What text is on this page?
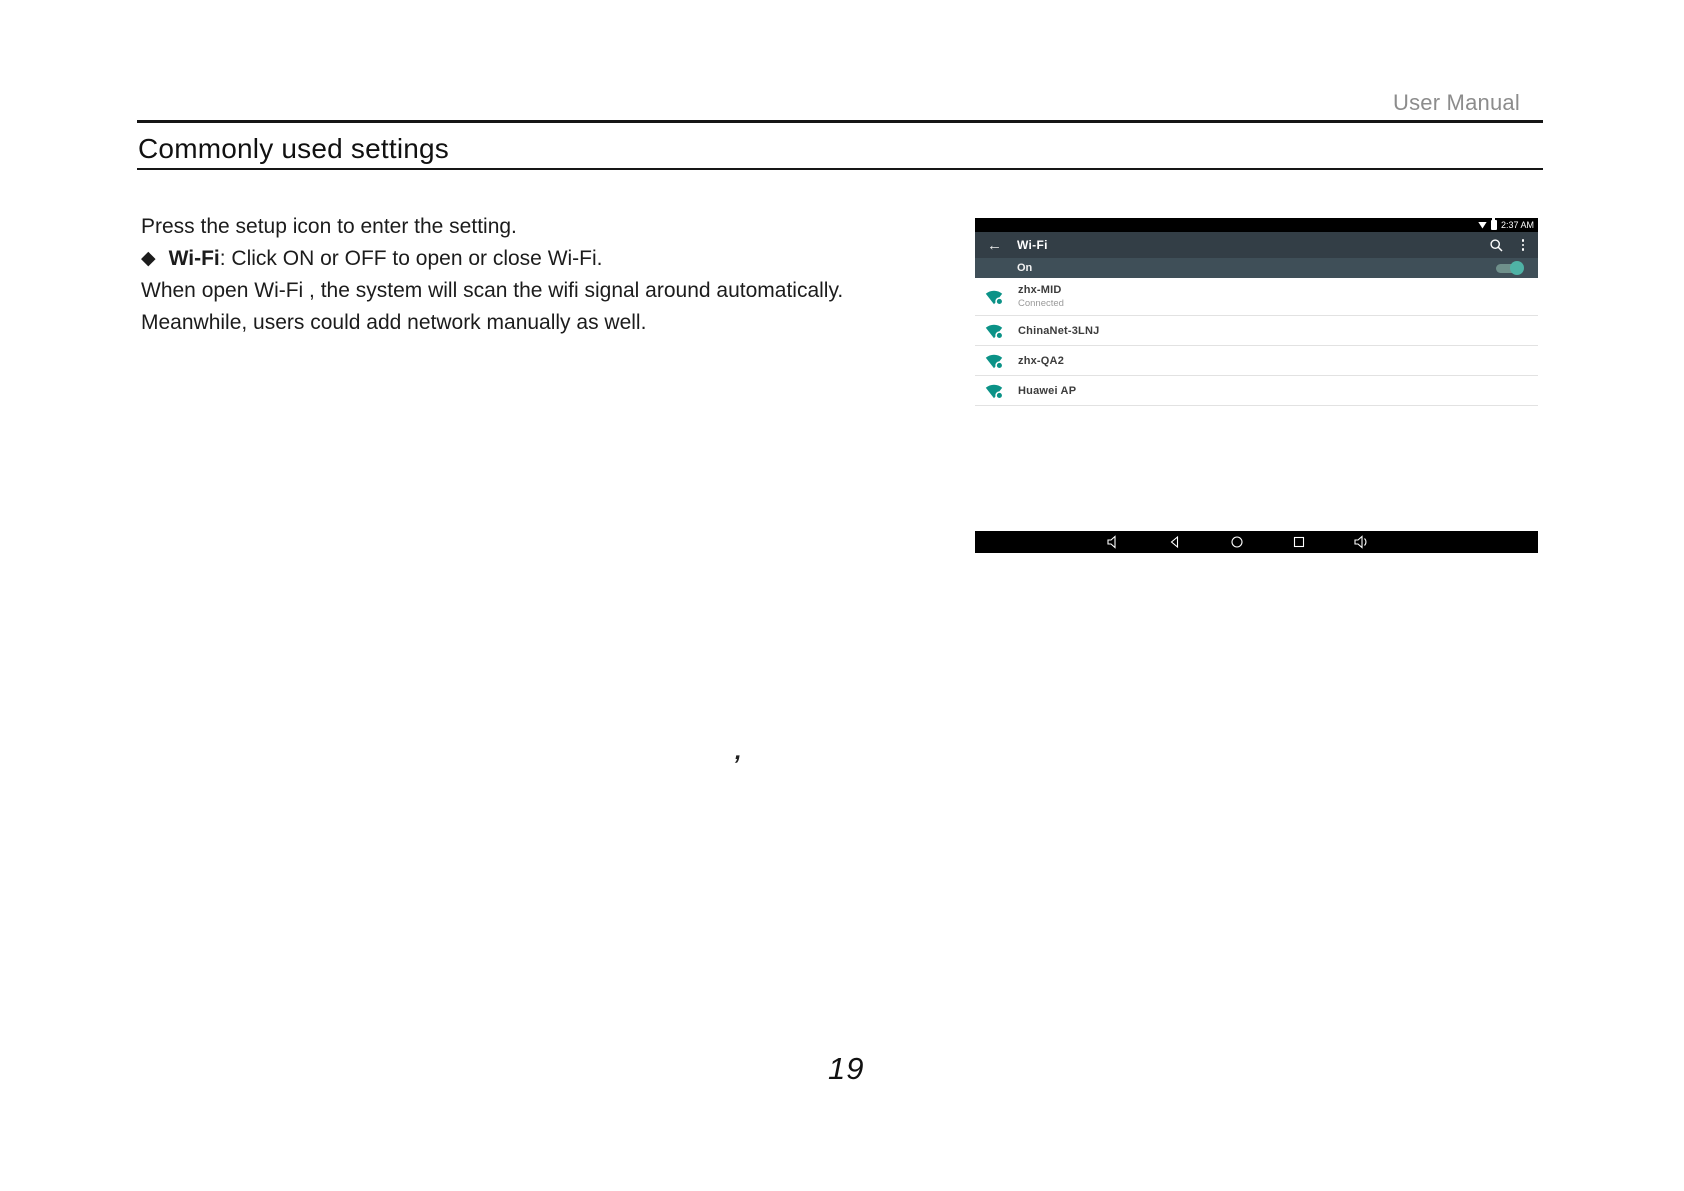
User Manual
Commonly used settings
Press the setup icon to enter the setting.
◆ Wi-Fi: Click ON or OFF to open or close Wi-Fi.
When open Wi-Fi , the system will scan the wifi signal around automatically.
Meanwhile, users could add network manually as well.
,
19
2:37 AM
←	Wi-Fi
On
zhx-MID
Connected
ChinaNet-3LNJ
zhx-QA2
Huawei AP
